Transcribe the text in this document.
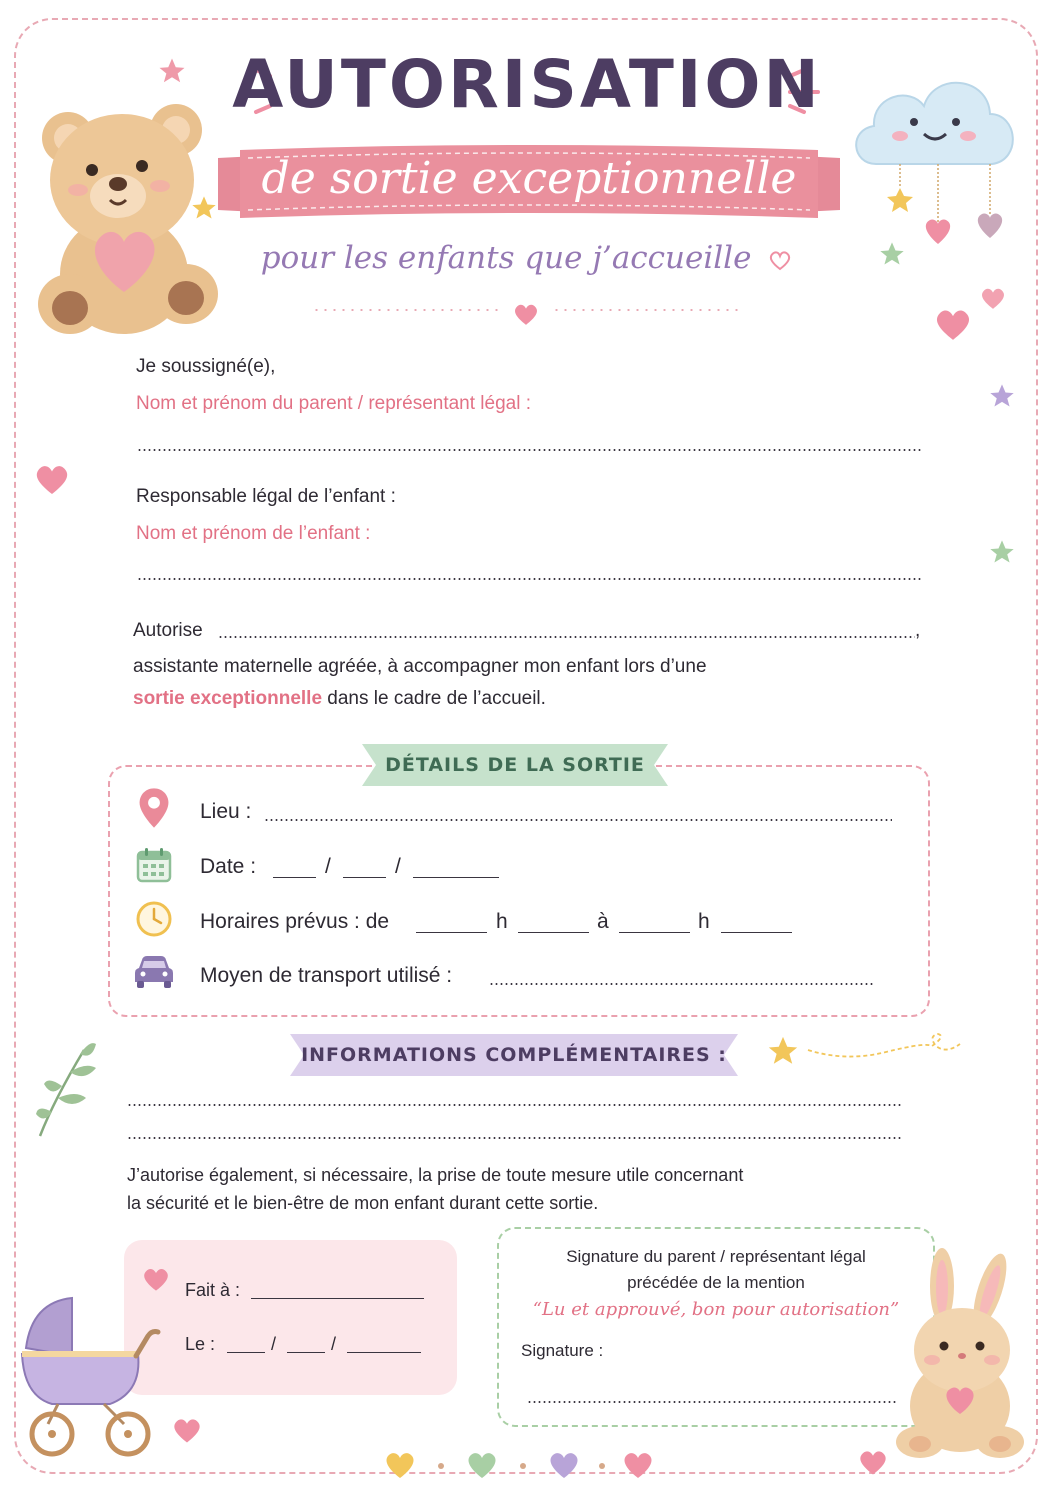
AUTORISATION
de sortie exceptionnelle
pour les enfants que j’accueille
Je soussigné(e),
Nom et prénom du parent / représentant légal :
Responsable légal de l’enfant :
Nom et prénom de l’enfant :
Autorise	,
assistante maternelle agréée, à accompagner mon enfant lors d’une
sortie exceptionnelle dans le cadre de l’accueil.
DÉTAILS DE LA SORTIE
Lieu :
Date :	/	/
Horaires prévus : de	h	à	h
Moyen de transport utilisé :
INFORMATIONS COMPLÉMENTAIRES :
J’autorise également, si nécessaire, la prise de toute mesure utile concernant
la sécurité et le bien-être de mon enfant durant cette sortie.
Fait à :
Le :	/	/
Signature du parent / représentant légal
précédée de la mention
“Lu et approuvé, bon pour autorisation”
Signature :
